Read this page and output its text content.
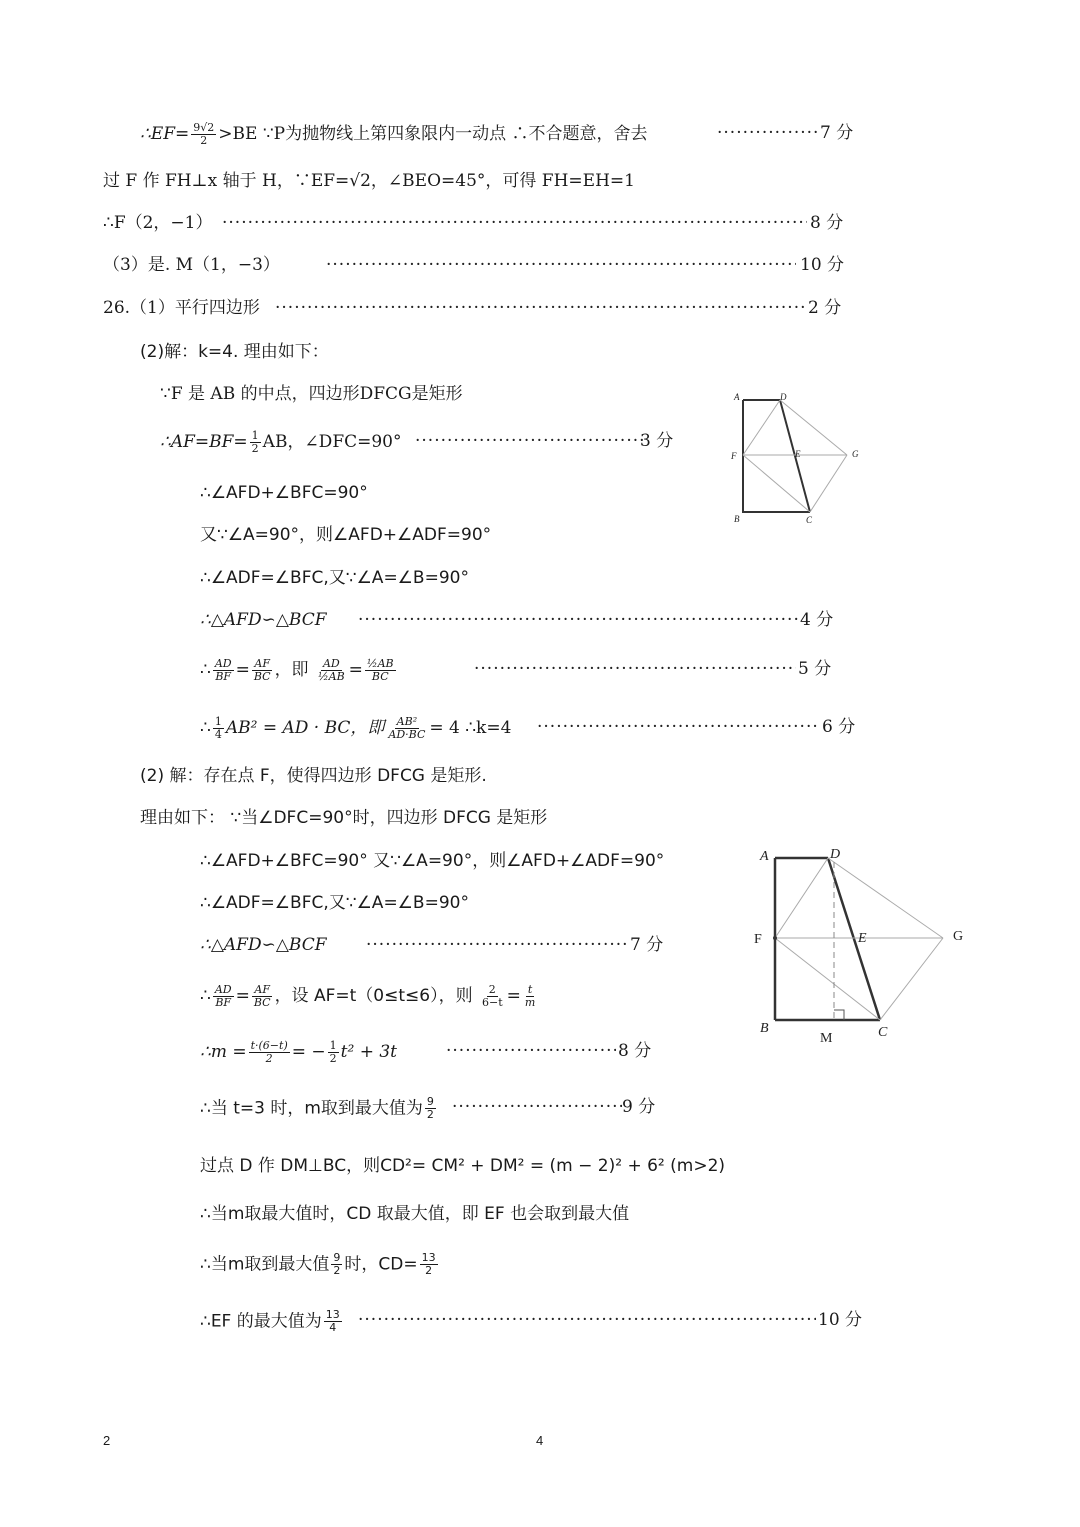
∴EF= $\frac{9√2}{2} >BE$ ∵P为抛物线上第四象限内一动点 ∴不合题意，舍去 ·····	7 分
过 F 作 FH⊥x 轴于 H，∵EF=√2，∠BEO=45°，可得 FH=EH=1
∴F（2，−1） ·····	8 分
（3）是. M（1，−3） ·····	10 分
26.（1）平行四边形 ·····	2 分
(2)解：k=4. 理由如下：
∵F 是 AB 的中点，四边形DFCG是矩形
∴AF=BF= $\frac{1}{2}$ AB，∠DFC=90° ·····	3 分
∴∠AFD+∠BFC=90°
又∵∠A=90°，则∠AFD+∠ADF=90°
∴∠ADF=∠BFC,又∵∠A=∠B=90°
∴△AFD∽△BCF ·····	4 分
∴ $\frac{AD}{BF} = \frac{AF}{BC}$ ，即 $\frac{AD}{\text{½AB}} = \frac{\text{½AB}}{BC}$ ·····	5 分
∴ $\frac{1}{4} AB^2$ = AD · BC，即 $\frac{\text{AB²}}{AD\cdot BC} = 4$ ∴k=4 ·····	6 分
A	D
F	E	G
B	C
(2) 解：存在点 F，使得四边形 DFCG 是矩形.
理由如下： ∵当∠DFC=90°时，四边形 DFCG 是矩形
∴∠AFD+∠BFC=90° 又∵∠A=90°，则∠AFD+∠ADF=90°
∴∠ADF=∠BFC,又∵∠A=∠B=90°
∴△AFD∽△BCF ·····	7 分
∴ $\frac{AD}{BF} = \frac{AF}{BC}$ ，设 AF=t（0≤t≤6），则 $\frac{2}{6-t} = \frac{t}{m}$
∴m = $\frac{t\cdot(6-t)}{2}$ = − $\frac{1}{2} t^2 + 3t$ ·····	8 分
∴当 t=3 时，m取到最大值为 $\frac{9}{2}$ ·····	9 分
过点 D 作 DM⊥BC，则CD²= CM² + DM² = (m − 2)² + 6² (m>2)
∴当m取最大值时，CD 取最大值，即 EF 也会取到最大值
∴当m取到最大值 $\frac{9}{2}$ 时，$CD= \frac{13}{2}$
∴EF 的最大值为 $\frac{13}{4}$ ·····	10 分
A	D
F	E	G
B
M	C
2	4
